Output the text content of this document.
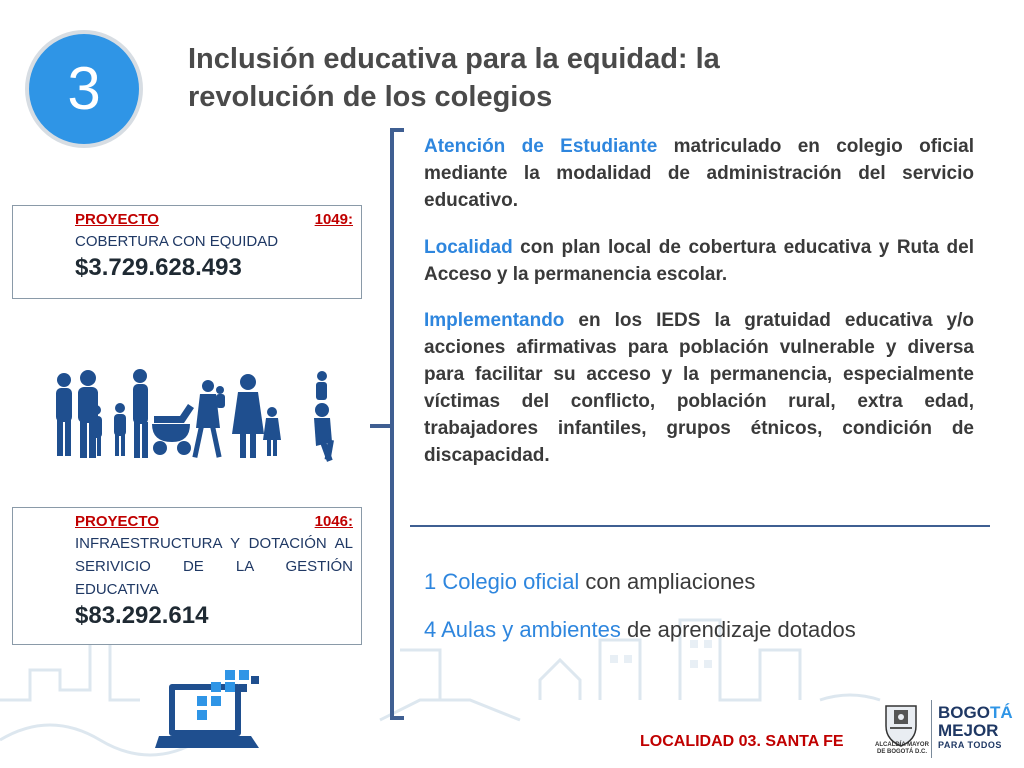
3	Inclusión educativa para la equidad: la
revolución de los colegios
PROYECTO	1049:
COBERTURA CON EQUIDAD
$3.729.628.493
PROYECTO	1046:
INFRAESTRUCTURA Y DOTACIÓN AL SERIVICIO DE LA GESTIÓN EDUCATIVA
$83.292.614

Atención de Estudiante matriculado en colegio oficial mediante la modalidad de administración del servicio educativo.

Localidad con plan local de cobertura educativa y Ruta del Acceso y la permanencia escolar.

Implementando en los IEDS la gratuidad educativa y/o acciones afirmativas para población vulnerable y diversa para facilitar su acceso y la permanencia, especialmente víctimas del conflicto, población rural, extra edad, trabajadores infantiles, grupos étnicos, condición de discapacidad.

1 Colegio oficial con ampliaciones
4 Aulas y ambientes de aprendizaje dotados
LOCALIDAD 03. SANTA FE	ALCALDÍA MAYOR
DE BOGOTÁ D.C.
BOGOTÁ
MEJOR
PARA TODOS
